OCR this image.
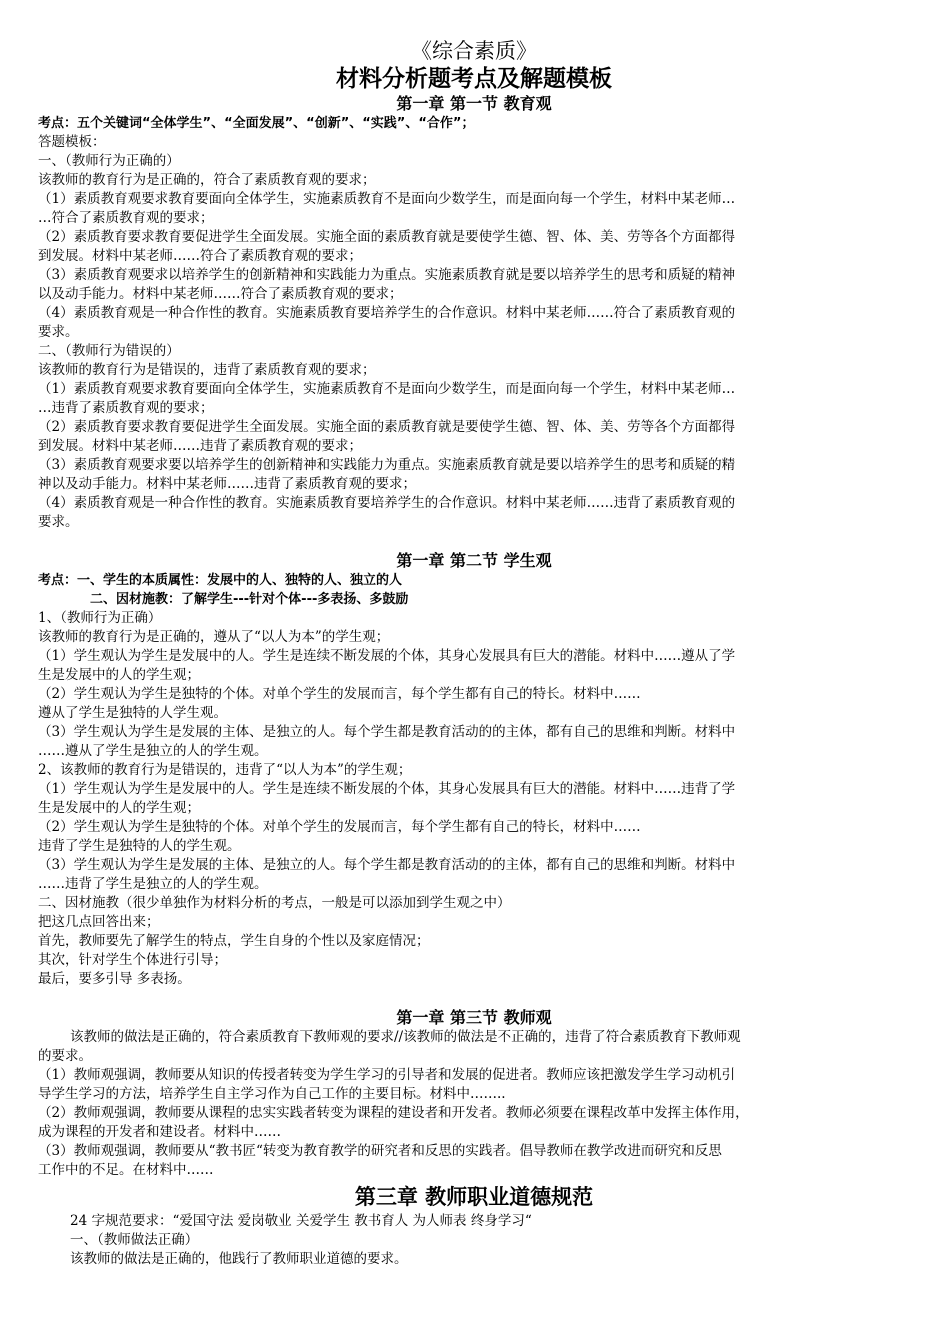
《综合素质》
材料分析题考点及解题模板
第一章 第一节 教育观
考点：五个关键词“全体学生”、“全面发展”、“创新”、“实践”、“合作”；

答题模板：

一、（教师行为正确的）

该教师的教育行为是正确的，符合了素质教育观的要求；

（1）素质教育观要求教育要面向全体学生，实施素质教育不是面向少数学生，而是面向每一个学生，材料中某老师…

…符合了素质教育观的要求；

（2）素质教育要求教育要促进学生全面发展。实施全面的素质教育就是要使学生德、智、体、美、劳等各个方面都得

到发展。材料中某老师……符合了素质教育观的要求；

（3）素质教育观要求以培养学生的创新精神和实践能力为重点。实施素质教育就是要以培养学生的思考和质疑的精神

以及动手能力。材料中某老师……符合了素质教育观的要求；

（4）素质教育观是一种合作性的教育。实施素质教育要培养学生的合作意识。材料中某老师……符合了素质教育观的

要求。

二、（教师行为错误的）

该教师的教育行为是错误的，违背了素质教育观的要求；

（1）素质教育观要求教育要面向全体学生，实施素质教育不是面向少数学生，而是面向每一个学生，材料中某老师…

…违背了素质教育观的要求；

（2）素质教育要求教育要促进学生全面发展。实施全面的素质教育就是要使学生德、智、体、美、劳等各个方面都得

到发展。材料中某老师……违背了素质教育观的要求；

（3）素质教育观要求要以培养学生的创新精神和实践能力为重点。实施素质教育就是要以培养学生的思考和质疑的精

神以及动手能力。材料中某老师……违背了素质教育观的要求；

（4）素质教育观是一种合作性的教育。实施素质教育要培养学生的合作意识。材料中某老师……违背了素质教育观的

要求。

第一章 第二节 学生观
考点：一、学生的本质属性：发展中的人、独特的人、独立的人
二、因材施教：了解学生---针对个体---多表扬、多鼓励

1、（教师行为正确）

该教师的教育行为是正确的，遵从了“以人为本”的学生观；

（1）学生观认为学生是发展中的人。学生是连续不断发展的个体，其身心发展具有巨大的潜能。材料中……遵从了学

生是发展中的人的学生观；

（2）学生观认为学生是独特的个体。对单个学生的发展而言，每个学生都有自己的特长。材料中……

遵从了学生是独特的人学生观。

（3）学生观认为学生是发展的主体、是独立的人。每个学生都是教育活动的的主体，都有自己的思维和判断。材料中

……遵从了学生是独立的人的学生观。

2、该教师的教育行为是错误的，违背了“以人为本”的学生观；

（1）学生观认为学生是发展中的人。学生是连续不断发展的个体，其身心发展具有巨大的潜能。材料中……违背了学

生是发展中的人的学生观；

（2）学生观认为学生是独特的个体。对单个学生的发展而言，每个学生都有自己的特长，材料中……

违背了学生是独特的人的学生观。

（3）学生观认为学生是发展的主体、是独立的人。每个学生都是教育活动的的主体，都有自己的思维和判断。材料中

……违背了学生是独立的人的学生观。

二、因材施教（很少单独作为材料分析的考点，一般是可以添加到学生观之中）

把这几点回答出来；

首先，教师要先了解学生的特点，学生自身的个性以及家庭情况；

其次，针对学生个体进行引导；

最后，要多引导 多表扬。

第一章 第三节 教师观

该教师的做法是正确的，符合素质教育下教师观的要求//该教师的做法是不正确的，违背了符合素质教育下教师观

的要求。

（1）教师观强调，教师要从知识的传授者转变为学生学习的引导者和发展的促进者。教师应该把激发学生学习动机引

导学生学习的方法，培养学生自主学习作为自己工作的主要目标。材料中……..

（2）教师观强调，教师要从课程的忠实实践者转变为课程的建设者和开发者。教师必须要在课程改革中发挥主体作用，

成为课程的开发者和建设者。材料中……

（3）教师观强调，教师要从“教书匠“转变为教育教学的研究者和反思的实践者。倡导教师在教学改进而研究和反思

工作中的不足。在材料中……

第三章 教师职业道德规范

24 字规范要求：“爱国守法 爱岗敬业 关爱学生 教书育人 为人师表 终身学习“

一、（教师做法正确）

该教师的做法是正确的，他践行了教师职业道德的要求。
